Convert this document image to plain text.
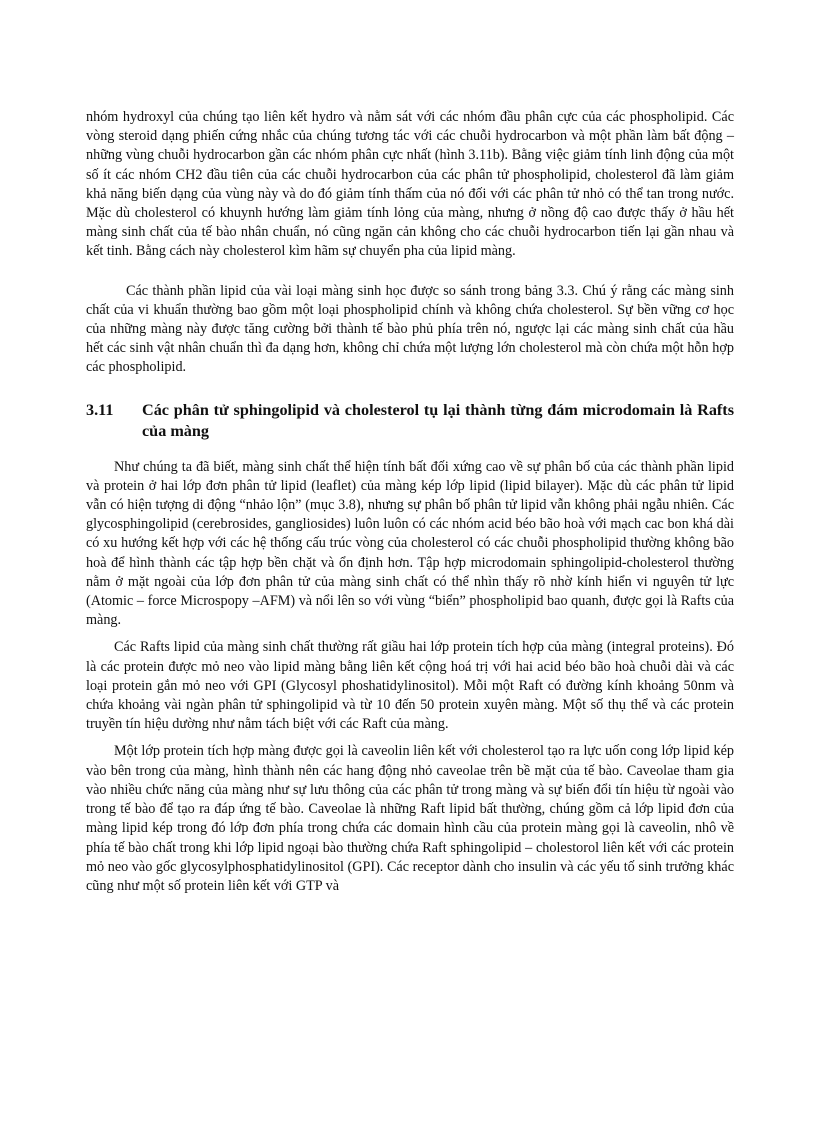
nhóm hydroxyl của chúng tạo liên kết hydro và nằm sát với các nhóm đầu phân cực của các phospholipid. Các vòng steroid dạng phiến cứng nhắc của chúng tương tác với các chuỗi hydrocarbon và một phần làm bất động – những vùng chuỗi hydrocarbon gần các nhóm phân cực nhất (hình 3.11b). Bằng việc giảm tính linh động của một số ít các nhóm CH2 đầu tiên của các chuỗi hydrocarbon của các phân tử phospholipid, cholesterol đã làm giảm khả năng biến dạng của vùng này và do đó giảm tính thấm của nó đối với các phân tử nhỏ có thể tan trong nước. Mặc dù cholesterol có khuynh hướng làm giảm tính lỏng của màng, nhưng ở nồng độ cao được thấy ở hầu hết màng sinh chất của tế bào nhân chuẩn, nó cũng ngăn cản không cho các chuỗi hydrocarbon tiến lại gần nhau và kết tinh. Bằng cách này cholesterol kìm hãm sự chuyển pha của lipid màng.

Các thành phần lipid của vài loại màng sinh học được so sánh trong bảng 3.3. Chú ý rằng các màng sinh chất của vi khuẩn thường bao gồm một loại phospholipid chính và không chứa cholesterol. Sự bền vững cơ học của những màng này được tăng cường bởi thành tế bào phủ phía trên nó, ngược lại các màng sinh chất của hầu hết các sinh vật nhân chuẩn thì đa dạng hơn, không chỉ chứa một lượng lớn cholesterol mà còn chứa một hỗn hợp các phospholipid.

3.11	Các phân tử sphingolipid và cholesterol tụ lại thành từng đám microdomain là Rafts của màng

Như chúng ta đã biết, màng sinh chất thể hiện tính bất đối xứng cao về sự phân bố của các thành phần lipid và protein ở hai lớp đơn phân tử lipid (leaflet) của màng kép lớp lipid (lipid bilayer). Mặc dù các phân tử lipid vẫn có hiện tượng di động “nhảo lộn” (mục 3.8), nhưng sự phân bố phân tử lipid vẫn không phải ngẫu nhiên. Các glycosphingolipid (cerebrosides, gangliosides) luôn luôn có các nhóm acid béo bão hoà với mạch cac bon khá dài có xu hướng kết hợp với các hệ thống cấu trúc vòng của cholesterol có các chuỗi phospholipid thường không bão hoà để hình thành các tập hợp bền chặt và ổn định hơn. Tập hợp microdomain sphingolipid-cholesterol thường nằm ở mặt ngoài của lớp đơn phân tử của màng sinh chất có thể nhìn thấy rõ nhờ kính hiển vi nguyên tử lực (Atomic – force Microspopy –AFM) và nổi lên so với vùng “biển” phospholipid bao quanh, được gọi là Rafts của màng.

Các Rafts lipid của màng sinh chất thường rất giầu hai lớp protein tích hợp của màng (integral proteins). Đó là các protein được mỏ neo vào lipid màng bằng liên kết cộng hoá trị với hai acid béo bão hoà chuỗi dài và các loại protein gắn mỏ neo với GPI (Glycosyl phoshatidylinositol). Mỗi một Raft có đường kính khoảng 50nm và chứa khoảng vài ngàn phân tử sphingolipid và từ 10 đến 50 protein xuyên màng. Một số thụ thể và các protein truyền tín hiệu dường như nằm tách biệt với các Raft của màng.

Một lớp protein tích hợp màng được gọi là caveolin liên kết với cholesterol tạo ra lực uốn cong lớp lipid kép vào bên trong của màng, hình thành nên các hang động nhỏ caveolae trên bề mặt của tế bào. Caveolae tham gia vào nhiều chức năng của màng như sự lưu thông của các phân tử trong màng và sự biến đổi tín hiệu từ ngoài vào trong tế bào để tạo ra đáp ứng tế bào. Caveolae là những Raft lipid bất thường, chúng gồm cả lớp lipid đơn của màng lipid kép trong đó lớp đơn phía trong chứa các domain hình cầu của protein màng gọi là caveolin, nhô về phía tế bào chất trong khi lớp lipid ngoại bào thường chứa Raft sphingolipid – cholestorol liên kết với các protein mỏ neo vào gốc glycosylphosphatidylinositol (GPI). Các receptor dành cho insulin và các yếu tố sinh trưởng khác cũng như một số protein liên kết với GTP và
